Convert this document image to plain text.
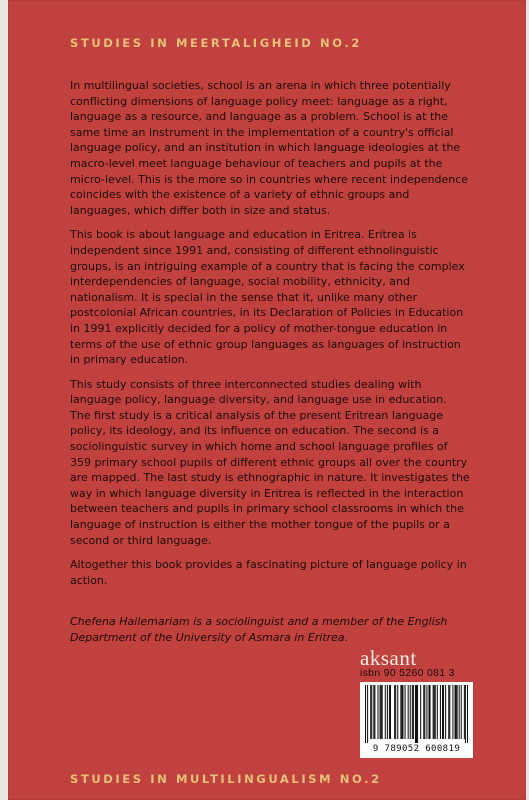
STUDIES IN MEERTALIGHEID NO.2

In multilingual societies, school is an arena in which three potentially conflicting dimensions of language policy meet: language as a right, language as a resource, and language as a problem. School is at the same time an instrument in the implementation of a country's official language policy, and an institution in which language ideologies at the macro-level meet language behaviour of teachers and pupils at the micro-level. This is the more so in countries where recent independence coincides with the existence of a variety of ethnic groups and languages, which differ both in size and status.

This book is about language and education in Eritrea. Eritrea is independent since 1991 and, consisting of different ethnolinguistic groups, is an intriguing example of a country that is facing the complex interdependencies of language, social mobility, ethnicity, and nationalism. It is special in the sense that it, unlike many other postcolonial African countries, in its Declaration of Policies in Education in 1991 explicitly decided for a policy of mother-tongue education in terms of the use of ethnic group languages as languages of instruction in primary education.

This study consists of three interconnected studies dealing with language policy, language diversity, and language use in education. The first study is a critical analysis of the present Eritrean language policy, its ideology, and its influence on education. The second is a sociolinguistic survey in which home and school language profiles of 359 primary school pupils of different ethnic groups all over the country are mapped. The last study is ethnographic in nature. It investigates the way in which language diversity in Eritrea is reflected in the interaction between teachers and pupils in primary school classrooms in which the language of instruction is either the mother tongue of the pupils or a second or third language.

Altogether this book provides a fascinating picture of language policy in action.

Chefena Hailemariam is a sociolinguist and a member of the English Department of the University of Asmara in Eritrea.

aksant
isbn 90 5260 081 3
9 789052 600819
STUDIES IN MULTILINGUALISM NO.2
